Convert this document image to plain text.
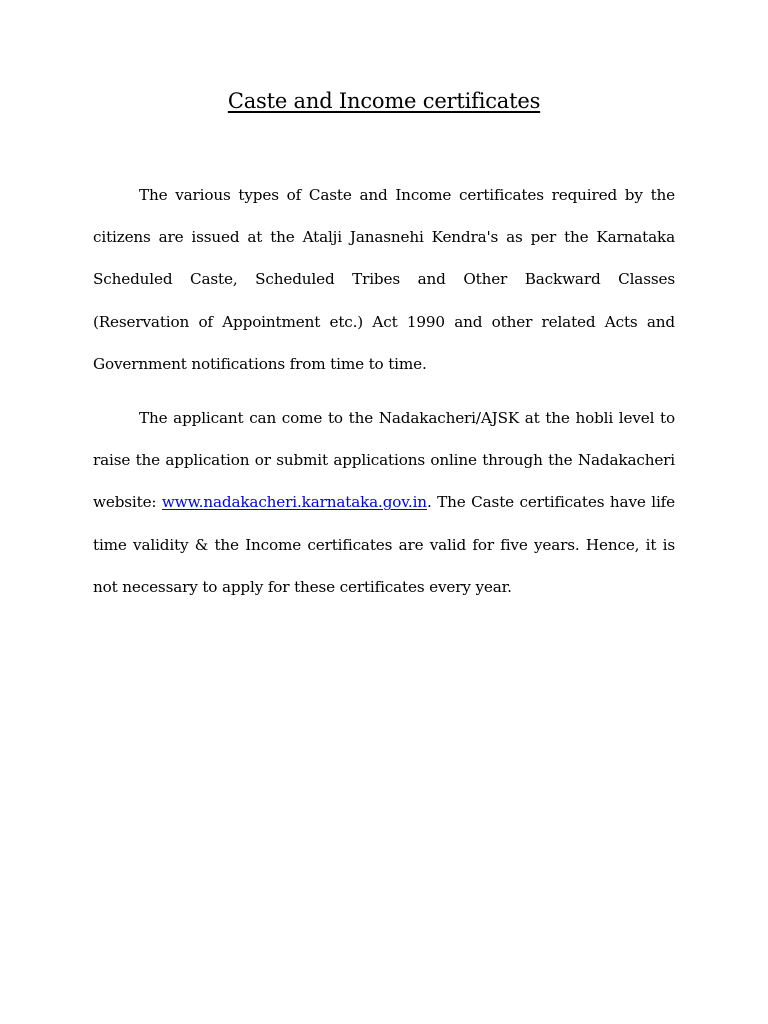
Caste and Income certificates

The various types of Caste and Income certificates required by the citizens are issued at the Atalji Janasnehi Kendra's as per the Karnataka Scheduled Caste, Scheduled Tribes and Other Backward Classes (Reservation of Appointment etc.) Act 1990 and other related Acts and Government notifications from time to time.

The applicant can come to the Nadakacheri/AJSK at the hobli level to raise the application or submit applications online through the Nadakacheri website: www.nadakacheri.karnataka.gov.in. The Caste certificates have life time validity & the Income certificates are valid for five years. Hence, it is not necessary to apply for these certificates every year.
